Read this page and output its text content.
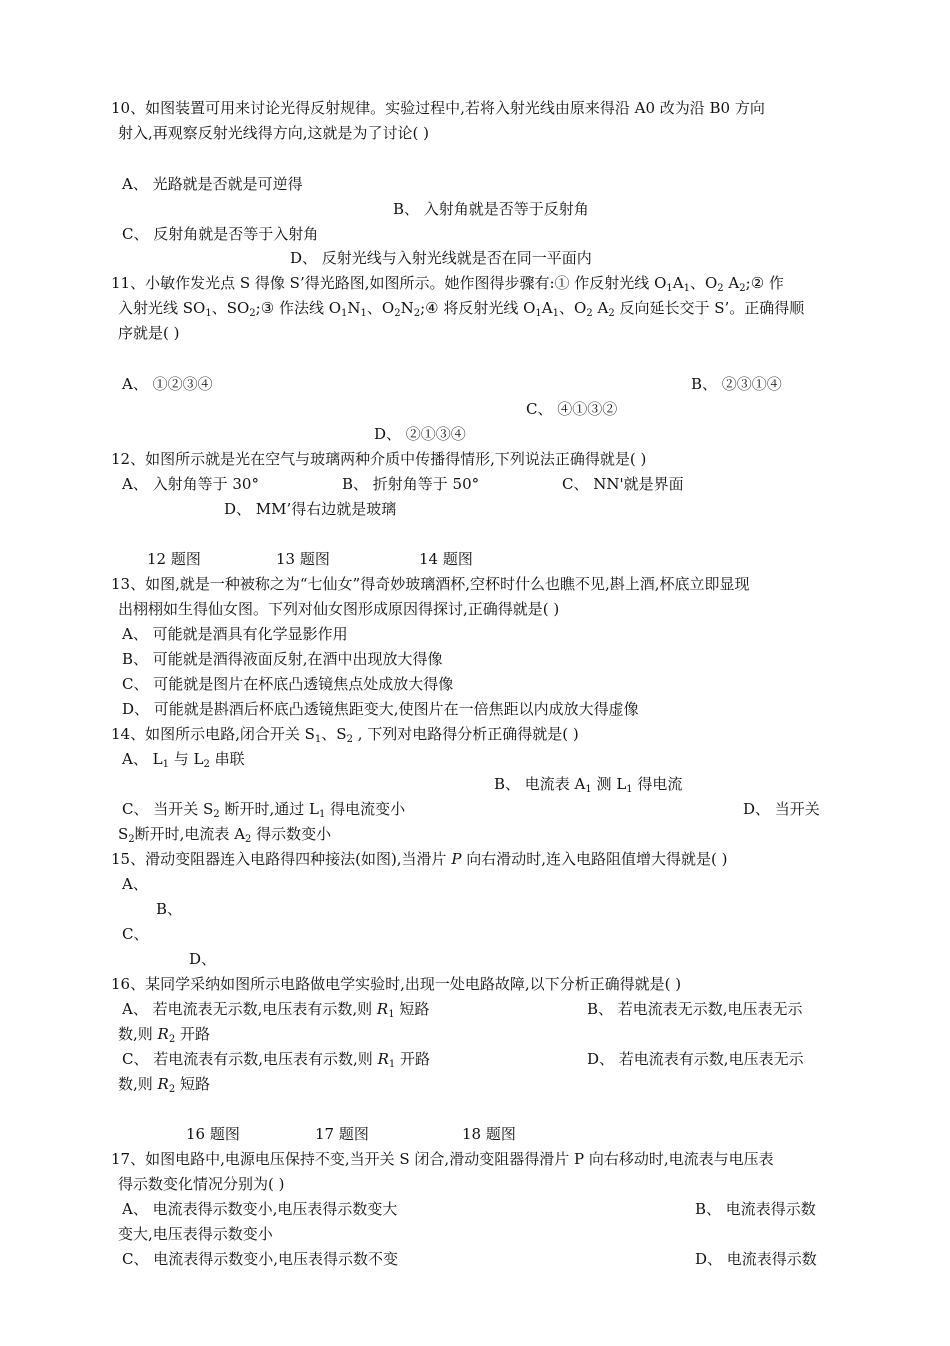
10、如图装置可用来讨论光得反射规律。实验过程中,若将入射光线由原来得沿 A0 改为沿 B0 方向
射入,再观察反射光线得方向,这就是为了讨论( )
A、 光路就是否就是可逆得
B、 入射角就是否等于反射角
C、 反射角就是否等于入射角
D、 反射光线与入射光线就是否在同一平面内
11、小敏作发光点 S 得像 S’得光路图,如图所示。她作图得步骤有:① 作反射光线 $O_1A_1$、$O_2$ $A_2;②$ 作
入射光线 $SO_1$、$SO_2;③$ 作法线 $O_1N_1$、$O_2N_2;④$ 将反射光线 $O_1A_1$、$O_2$ $A_2$ 反向延长交于 S’。正确得顺
序就是( )
A、 ①②③④	B、 ②③①④
C、 ④①③②
D、 ②①③④
12、如图所示就是光在空气与玻璃两种介质中传播得情形,下列说法正确得就是( )
A、 入射角等于 30°	B、 折射角等于 50°	C、 NN'就是界面
D、 MM’得右边就是玻璃
12 题图	13 题图	14 题图
13、如图,就是一种被称之为“七仙女”得奇妙玻璃酒杯,空杯时什么也瞧不见,斟上酒,杯底立即显现
出栩栩如生得仙女图。下列对仙女图形成原因得探讨,正确得就是( )
A、 可能就是酒具有化学显影作用
B、 可能就是酒得液面反射,在酒中出现放大得像
C、 可能就是图片在杯底凸透镜焦点处成放大得像
D、 可能就是斟酒后杯底凸透镜焦距变大,使图片在一倍焦距以内成放大得虚像
14、如图所示电路,闭合开关 $S_1$、$S_2$ , 下列对电路得分析正确得就是( )
A、 $L_1$ 与 $L_2$ 串联
B、 电流表 $A_1$ 测 $L_1$ 得电流
C、 当开关 $S_2$ 断开时,通过 $L_1$ 得电流变小	D、 当开关
$S_2$断开时,电流表 $A_2$ 得示数变小
15、滑动变阻器连入电路得四种接法(如图),当滑片 P 向右滑动时,连入电路阻值增大得就是( )
A、
B、
C、
D、
16、某同学采纳如图所示电路做电学实验时,出现一处电路故障,以下分析正确得就是( )
A、 若电流表无示数,电压表有示数,则 $R_1$ 短路	B、 若电流表无示数,电压表无示
数,则 $R_2$ 开路
C、 若电流表有示数,电压表有示数,则 $R_1$ 开路	D、 若电流表有示数,电压表无示
数,则 $R_2$ 短路
16 题图	17 题图	18 题图
17、如图电路中,电源电压保持不变,当开关 S 闭合,滑动变阻器得滑片 P 向右移动时,电流表与电压表
得示数变化情况分别为( )
A、 电流表得示数变小,电压表得示数变大	B、 电流表得示数
变大,电压表得示数变小
C、 电流表得示数变小,电压表得示数不变	D、 电流表得示数
